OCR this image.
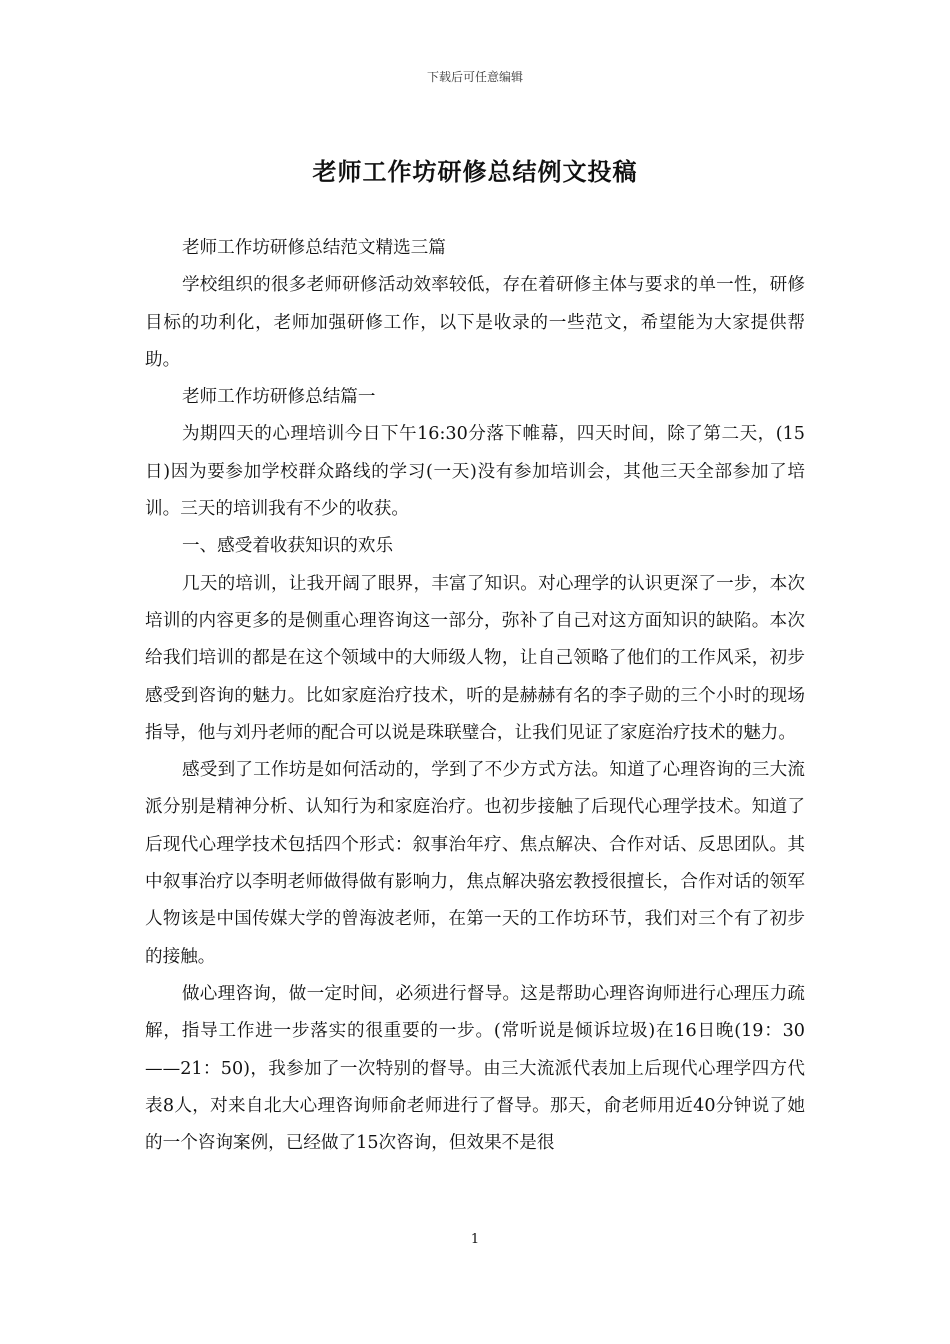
下载后可任意编辑
老师工作坊研修总结例文投稿

老师工作坊研修总结范文精选三篇

学校组织的很多老师研修活动效率较低，存在着研修主体与要求的单一性，研修目标的功利化，老师加强研修工作，以下是收录的一些范文，希望能为大家提供帮助。

老师工作坊研修总结篇一

为期四天的心理培训今日下午16:30分落下帷幕，四天时间，除了第二天，(15日)因为要参加学校群众路线的学习(一天)没有参加培训会，其他三天全部参加了培训。三天的培训我有不少的收获。

一、感受着收获知识的欢乐

几天的培训，让我开阔了眼界，丰富了知识。对心理学的认识更深了一步，本次培训的内容更多的是侧重心理咨询这一部分，弥补了自己对这方面知识的缺陷。本次给我们培训的都是在这个领域中的大师级人物，让自己领略了他们的工作风采，初步感受到咨询的魅力。比如家庭治疗技术，听的是赫赫有名的李子勋的三个小时的现场指导，他与刘丹老师的配合可以说是珠联璧合，让我们见证了家庭治疗技术的魅力。

感受到了工作坊是如何活动的，学到了不少方式方法。知道了心理咨询的三大流派分别是精神分析、认知行为和家庭治疗。也初步接触了后现代心理学技术。知道了后现代心理学技术包括四个形式：叙事治年疗、焦点解决、合作对话、反思团队。其中叙事治疗以李明老师做得做有影响力，焦点解决骆宏教授很擅长，合作对话的领军人物该是中国传媒大学的曾海波老师，在第一天的工作坊环节，我们对三个有了初步的接触。

做心理咨询，做一定时间，必须进行督导。这是帮助心理咨询师进行心理压力疏解，指导工作进一步落实的很重要的一步。(常听说是倾诉垃圾)在16日晚(19：30——21：50)，我参加了一次特别的督导。由三大流派代表加上后现代心理学四方代表8人，对来自北大心理咨询师俞老师进行了督导。那天，俞老师用近40分钟说了她的一个咨询案例，已经做了15次咨询，但效果不是很

1
